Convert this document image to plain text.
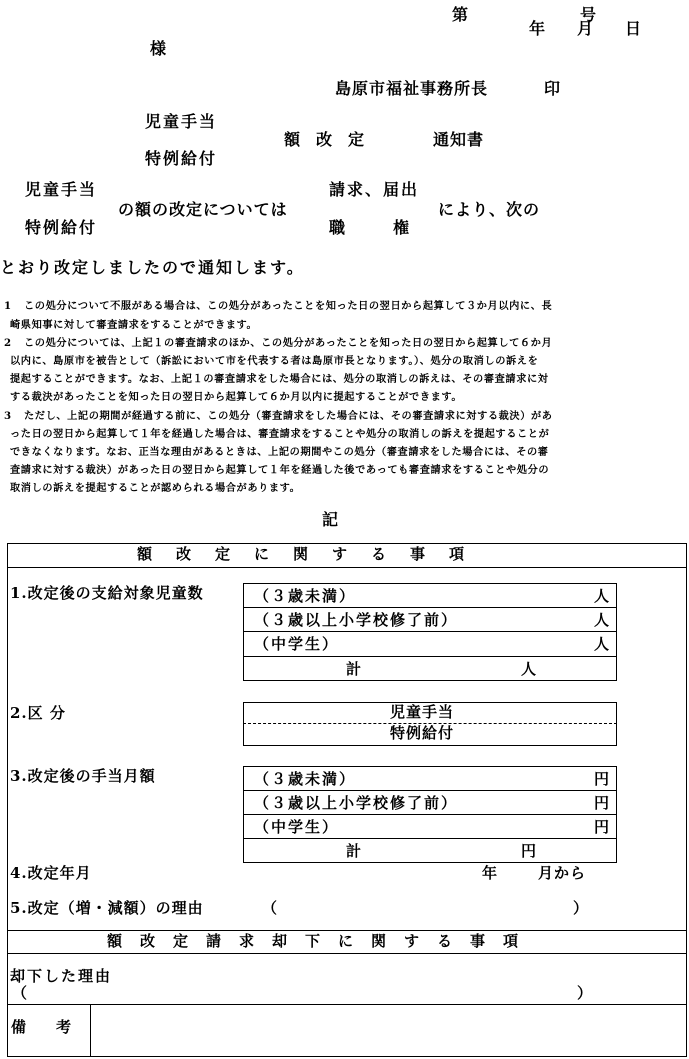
第　　　　　　　号
年　　月　　日
様
島原市福祉事務所長	印
児童手当
特例給付
額　改　定	通知書
児童手当
特例給付
の額の改定については
請求、届出
職　　　権
により、次の
とおり改定しましたので通知します。
1 この処分について不服がある場合は、この処分があったことを知った日の翌日から起算して３か月以内に、長
崎県知事に対して審査請求をすることができます。
2 この処分については、上記１の審査請求のほか、この処分があったことを知った日の翌日から起算して６か月
以内に、島原市を被告として（訴訟において市を代表する者は島原市長となります。）、処分の取消しの訴えを
提起することができます。なお、上記１の審査請求をした場合には、処分の取消しの訴えは、その審査請求に対
する裁決があったことを知った日の翌日から起算して６か月以内に提起することができます。
3 ただし、上記の期間が経過する前に、この処分（審査請求をした場合には、その審査請求に対する裁決）があ
った日の翌日から起算して１年を経過した場合は、審査請求をすることや処分の取消しの訴えを提起することが
できなくなります。なお、正当な理由があるときは、上記の期間やこの処分（審査請求をした場合には、その審
査請求に対する裁決）があった日の翌日から起算して１年を経過した後であっても審査請求をすることや処分の
取消しの訴えを提起することが認められる場合があります。
記
額改定に関する事項
1.改定後の支給対象児童数	（３歳未満）	人
（３歳以上小学校修了前）	人
（中学生）	人
計	人
2.区 分	児童手当
特例給付
3.改定後の手当月額	（３歳未満）	円
（３歳以上小学校修了前）	円
（中学生）	円
計	円
4.改定年月	年	月から
5.改定（増・減額）の理由	（	）
額改定請求却下に関する事項
却下した理由
（	）
備　　考
